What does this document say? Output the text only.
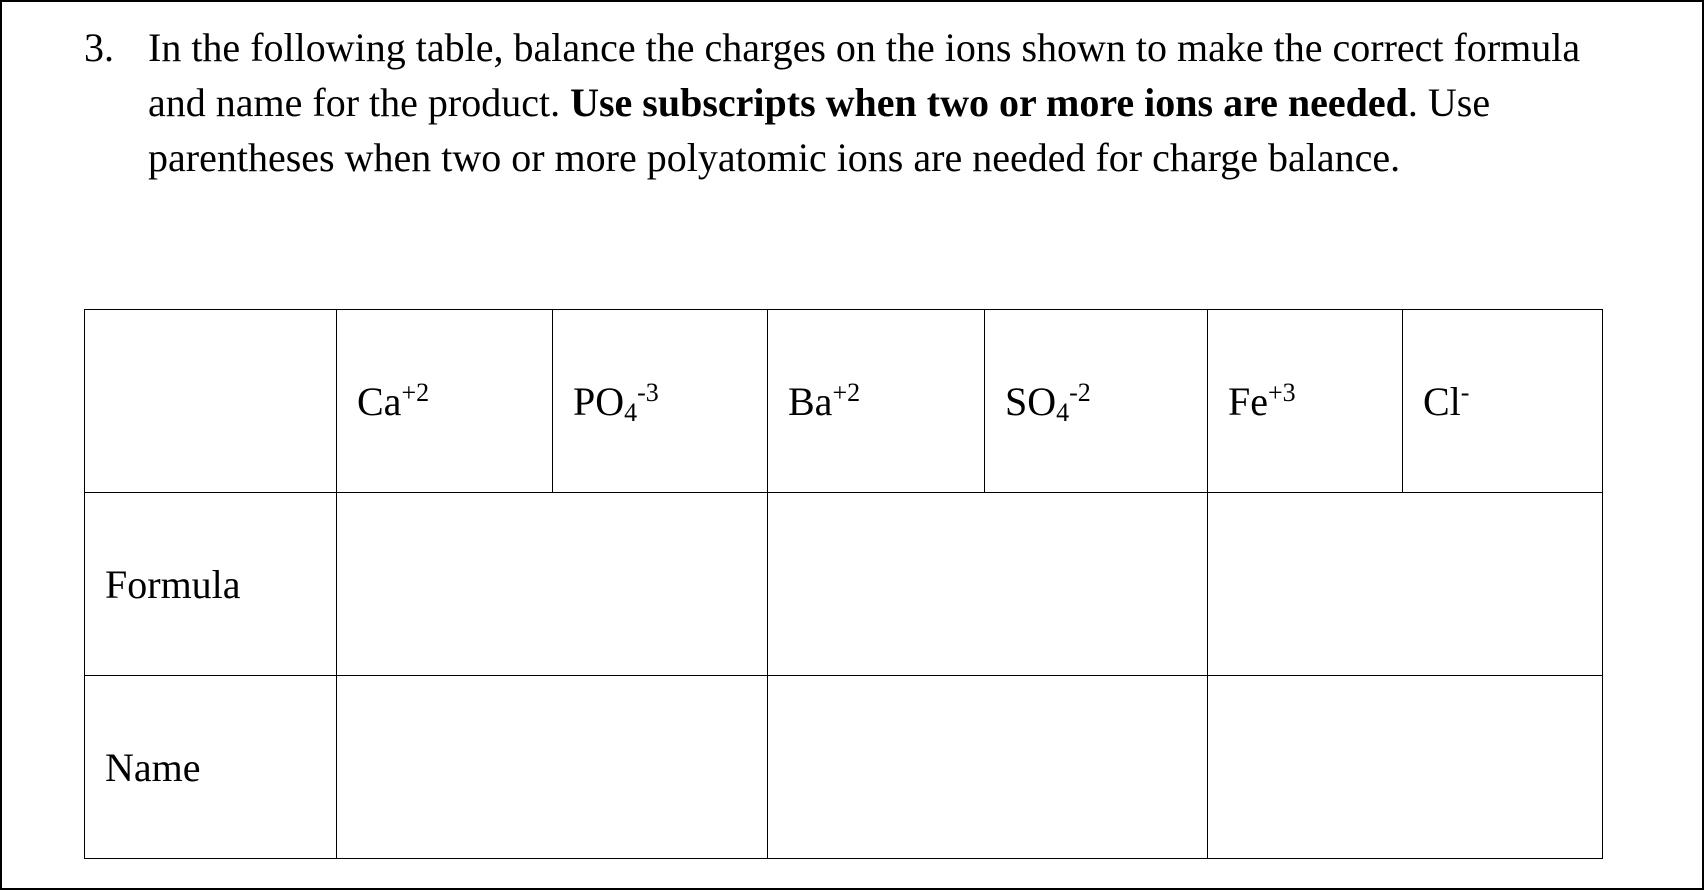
3. In the following table, balance the charges on the ions shown to make the correct formula and name for the product. Use subscripts when two or more ions are needed. Use parentheses when two or more polyatomic ions are needed for charge balance.
	$Ca^{+2}$	$PO_4^{-3}$	$Ba^{+2}$	$SO_4^{-2}$	$Fe^{+3}$	Cl-
Formula						
Name						
